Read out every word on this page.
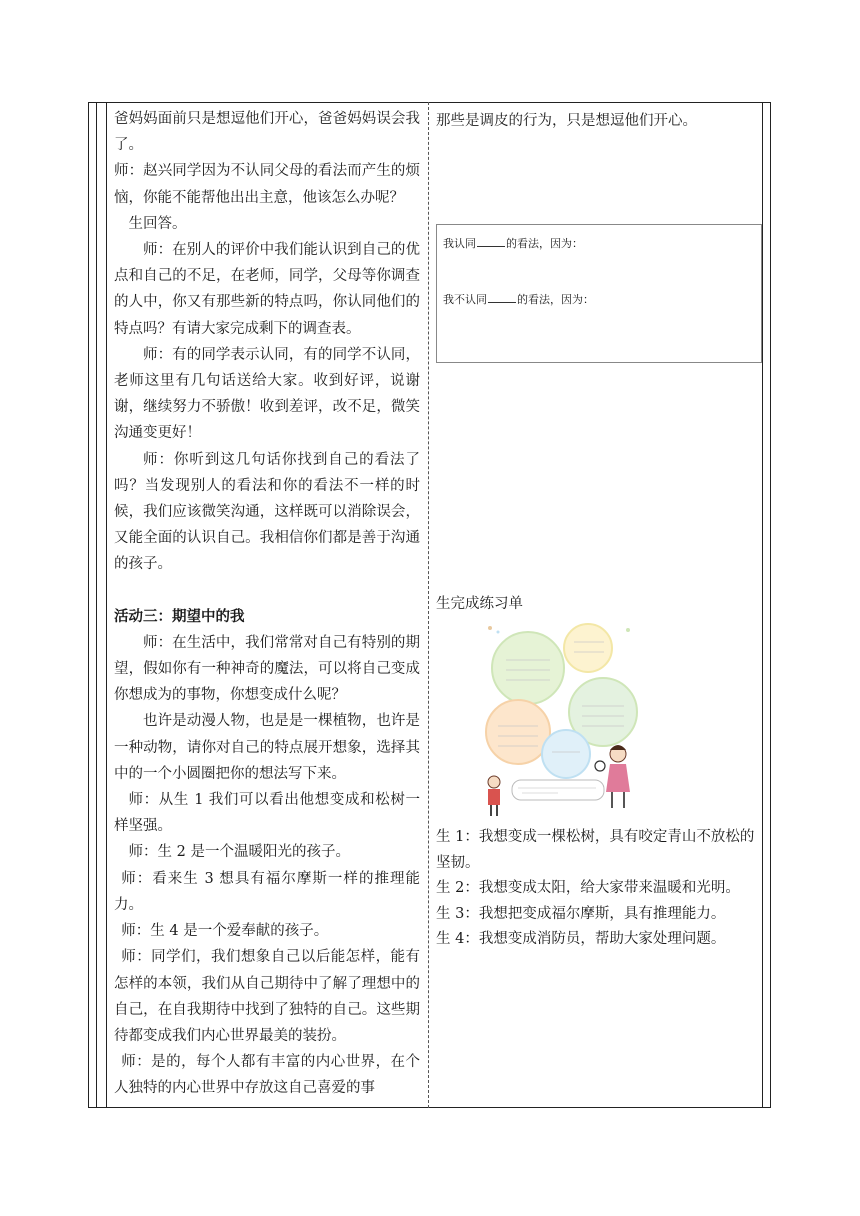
爸妈妈面前只是想逗他们开心，爸爸妈妈误会我了。

师：赵兴同学因为不认同父母的看法而产生的烦恼，你能不能帮他出出主意，他该怎么办呢？

生回答。

师：在别人的评价中我们能认识到自己的优点和自己的不足，在老师，同学，父母等你调查的人中，你又有那些新的特点吗，你认同他们的特点吗？有请大家完成剩下的调查表。

师：有的同学表示认同，有的同学不认同，老师这里有几句话送给大家。收到好评，说谢谢，继续努力不骄傲！收到差评，改不足，微笑沟通变更好！

师：你听到这几句话你找到自己的看法了吗？当发现别人的看法和你的看法不一样的时候，我们应该微笑沟通，这样既可以消除误会，又能全面的认识自己。我相信你们都是善于沟通的孩子。

活动三：期望中的我

师：在生活中，我们常常对自己有特别的期望，假如你有一种神奇的魔法，可以将自己变成你想成为的事物，你想变成什么呢？

也许是动漫人物，也是是一棵植物，也许是一种动物，请你对自己的特点展开想象，选择其中的一个小圆圈把你的想法写下来。

师：从生 1 我们可以看出他想变成和松树一样坚强。

师：生 2 是一个温暖阳光的孩子。

师：看来生 3 想具有福尔摩斯一样的推理能力。

师：生 4 是一个爱奉献的孩子。

师：同学们，我们想象自己以后能怎样，能有怎样的本领，我们从自己期待中了解了理想中的自己，在自我期待中找到了独特的自己。这些期待都变成我们内心世界最美的装扮。

师：是的，每个人都有丰富的内心世界，在个人独特的内心世界中存放这自己喜爱的事

那些是调皮的行为，只是想逗他们开心。

我认同	的看法，因为：
我不认同	的看法，因为：
生完成练习单

生 1：我想变成一棵松树，具有咬定青山不放松的坚韧。

生 2：我想变成太阳，给大家带来温暖和光明。

生 3：我想把变成福尔摩斯，具有推理能力。

生 4：我想变成消防员，帮助大家处理问题。
